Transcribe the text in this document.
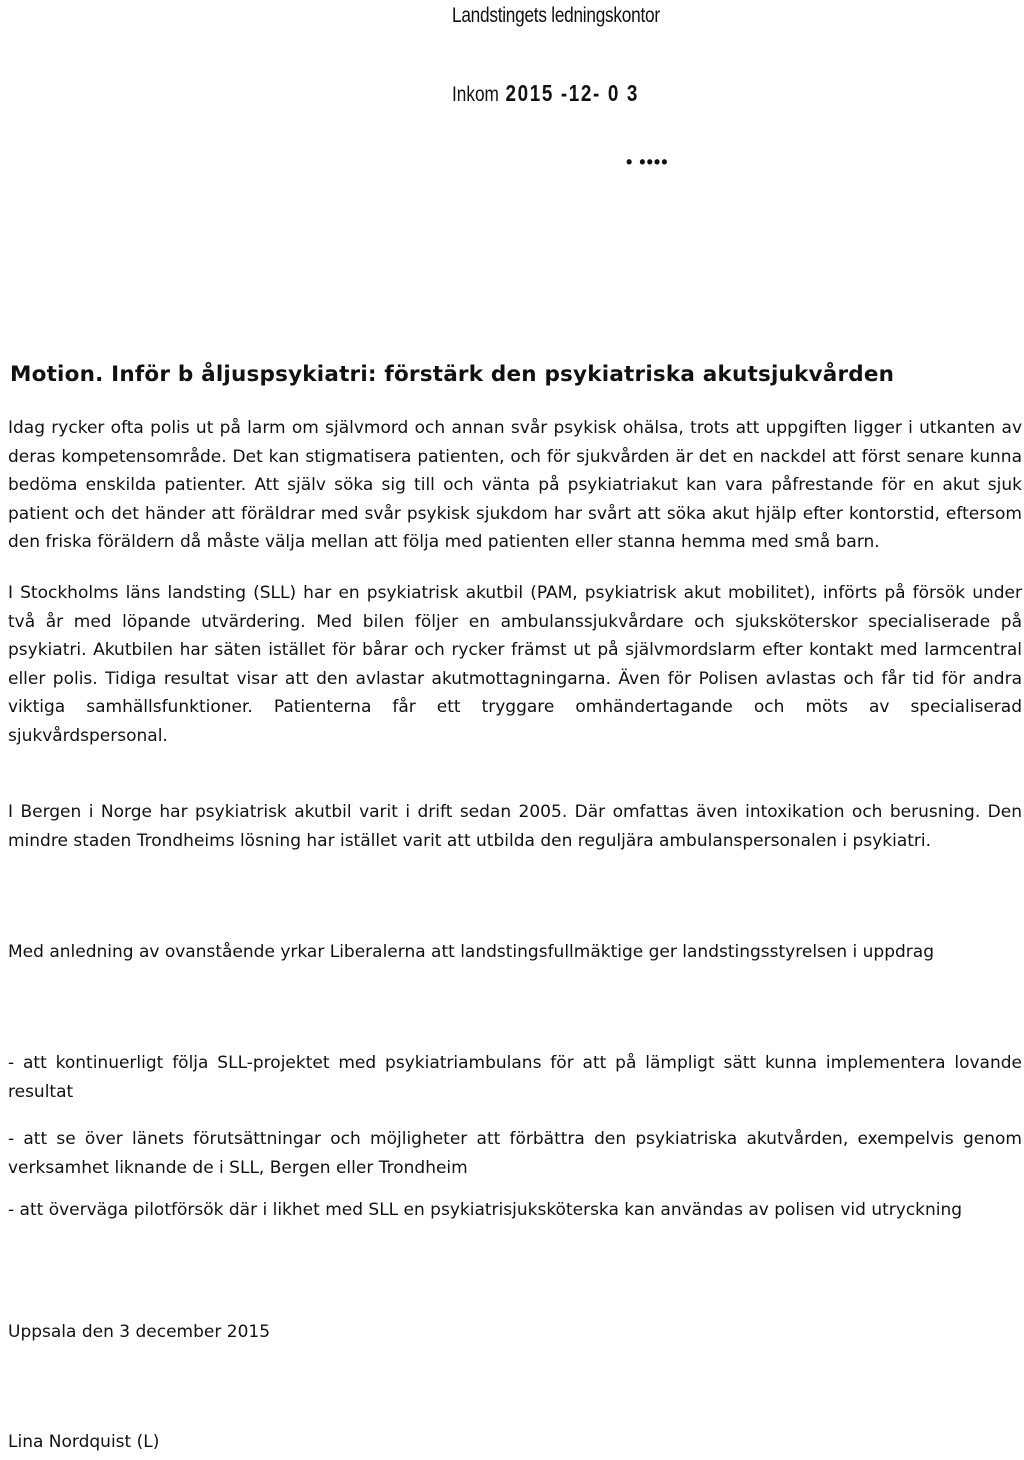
Landstingets ledningskontor
Inkom 2015 -12- 0 3
• ••••
Motion. Inför b åljuspsykiatri: förstärk den psykiatriska akutsjukvården

Idag rycker ofta polis ut på larm om självmord och annan svår psykisk ohälsa, trots att uppgiften ligger i utkanten av deras kompetensområde. Det kan stigmatisera patienten, och för sjukvården är det en nackdel att först senare kunna bedöma enskilda patienter. Att själv söka sig till och vänta på psykiatriakut kan vara påfrestande för en akut sjuk patient och det händer att föräldrar med svår psykisk sjukdom har svårt att söka akut hjälp efter kontorstid, eftersom den friska föräldern då måste välja mellan att följa med patienten eller stanna hemma med små barn.

I Stockholms läns landsting (SLL) har en psykiatrisk akutbil (PAM, psykiatrisk akut mobilitet), införts på försök under två år med löpande utvärdering. Med bilen följer en ambulanssjukvårdare och sjuksköterskor specialiserade på psykiatri. Akutbilen har säten istället för bårar och rycker främst ut på självmordslarm efter kontakt med larmcentral eller polis. Tidiga resultat visar att den avlastar akutmottagningarna. Även för Polisen avlastas och får tid för andra viktiga samhällsfunktioner. Patienterna får ett tryggare omhändertagande och möts av specialiserad sjukvårdspersonal.

I Bergen i Norge har psykiatrisk akutbil varit i drift sedan 2005. Där omfattas även intoxikation och berusning. Den mindre staden Trondheims lösning har istället varit att utbilda den reguljära ambulanspersonalen i psykiatri.

Med anledning av ovanstående yrkar Liberalerna att landstingsfullmäktige ger landstingsstyrelsen i uppdrag

- att kontinuerligt följa SLL-projektet med psykiatriambulans för att på lämpligt sätt kunna implementera lovande resultat

- att se över länets förutsättningar och möjligheter att förbättra den psykiatriska akutvården, exempelvis genom verksamhet liknande de i SLL, Bergen eller Trondheim

- att överväga pilotförsök där i likhet med SLL en psykiatrisjuksköterska kan användas av polisen vid utryckning

Uppsala den 3 december 2015

Lina Nordquist (L)
